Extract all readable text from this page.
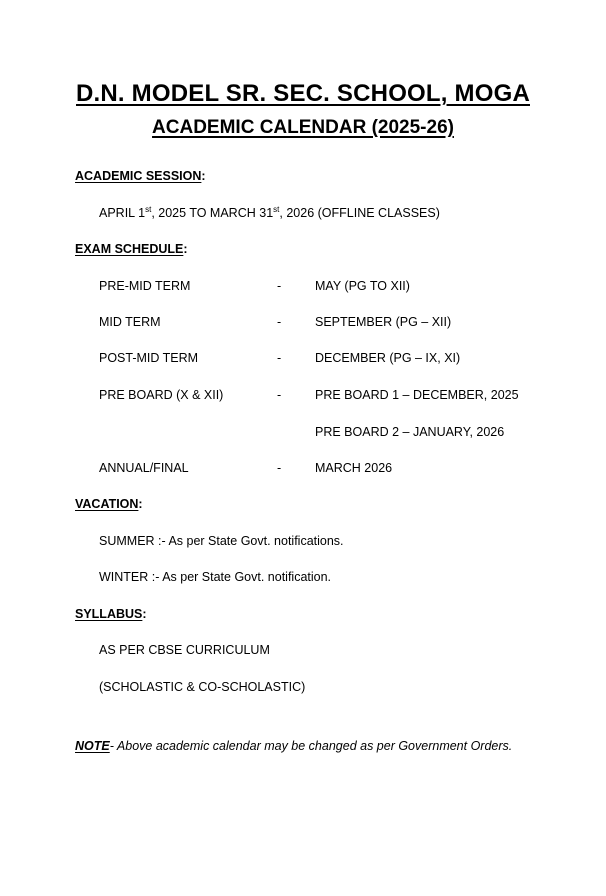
D.N. MODEL SR. SEC. SCHOOL, MOGA
ACADEMIC CALENDAR (2025-26)
ACADEMIC SESSION:
APRIL 1st, 2025 TO MARCH 31st, 2026 (OFFLINE CLASSES)
EXAM SCHEDULE:
PRE-MID TERM	-	MAY (PG TO XII)
MID TERM	-	SEPTEMBER (PG – XII)
POST-MID TERM	-	DECEMBER (PG – IX, XI)
PRE BOARD (X & XII)	-	PRE BOARD 1 – DECEMBER, 2025
PRE BOARD 2 – JANUARY, 2026
ANNUAL/FINAL	-	MARCH 2026
VACATION:
SUMMER :- As per State Govt. notifications.
WINTER :- As per State Govt. notification.
SYLLABUS:
AS PER CBSE CURRICULUM
(SCHOLASTIC & CO-SCHOLASTIC)
NOTE- Above academic calendar may be changed as per Government Orders.
